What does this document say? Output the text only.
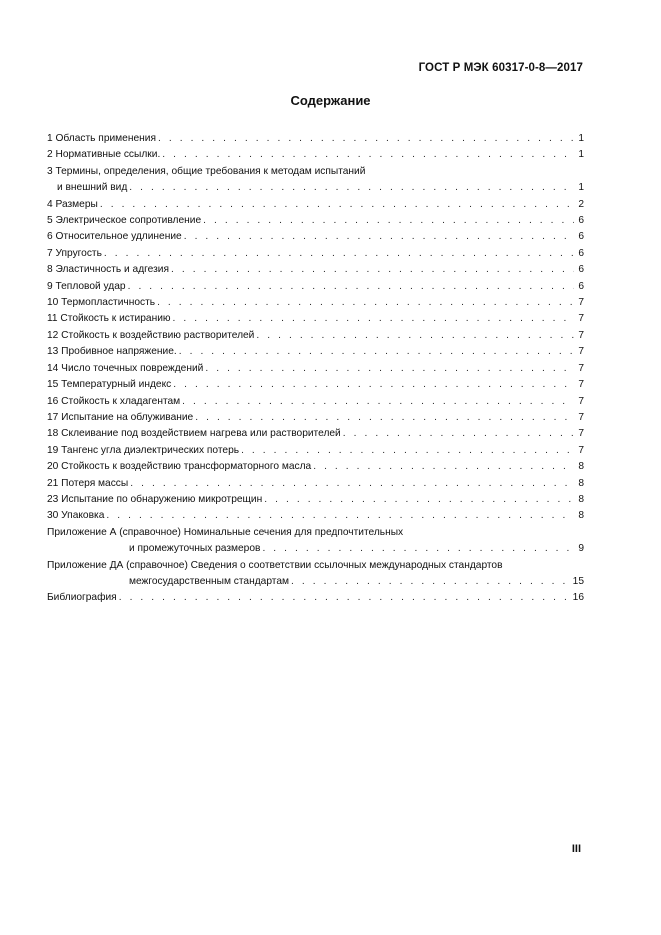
ГОСТ Р МЭК 60317-0-8—2017
Содержание
1 Область применения . . .	1
2 Нормативные ссылки. . . .	1
3 Термины, определения, общие требования к методам испытаний
и внешний вид . . .	1
4 Размеры . . .	2
5 Электрическое сопротивление . . .	6
6 Относительное удлинение . . .	6
7 Упругость . . .	6
8 Эластичность и адгезия . . .	6
9 Тепловой удар . . .	6
10 Термопластичность . . .	7
11 Стойкость к истиранию . . .	7
12 Стойкость к воздействию растворителей . . .	7
13 Пробивное напряжение. . . .	7
14 Число точечных повреждений . . .	7
15 Температурный индекс . . .	7
16 Стойкость к хладагентам . . .	7
17 Испытание на облуживание . . .	7
18 Склеивание под воздействием нагрева или растворителей . . .	7
19 Тангенс угла диэлектрических потерь . . .	7
20 Стойкость к воздействию трансформаторного масла . . .	8
21 Потеря массы . . .	8
23 Испытание по обнаружению микротрещин . . .	8
30 Упаковка . . .	8
Приложение А (справочное) Номинальные сечения для предпочтительных
и промежуточных размеров . . .	9
Приложение ДА (справочное) Сведения о соответствии ссылочных международных стандартов
межгосударственным стандартам . . .	15
Библиография . . .	16
III
